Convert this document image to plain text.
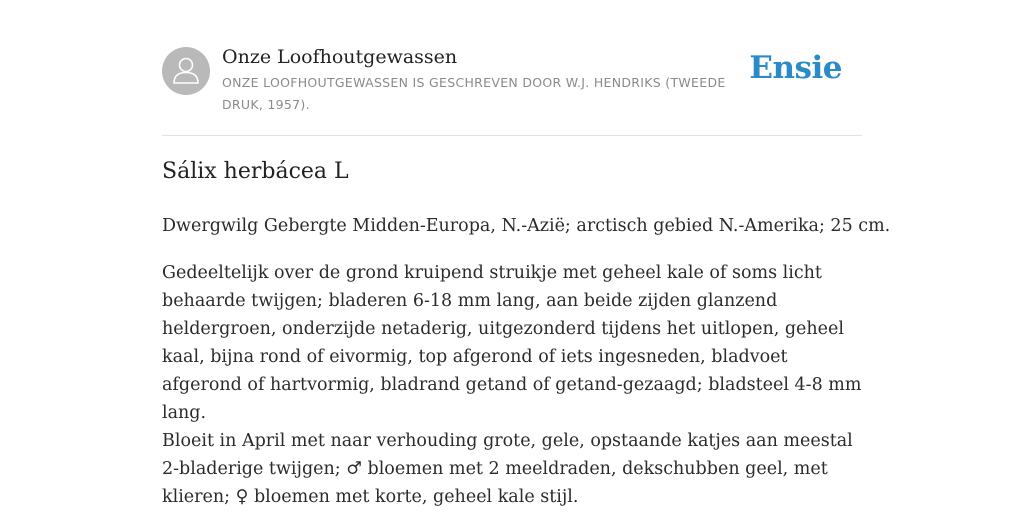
Onze Loofhoutgewassen
ONZE LOOFHOUTGEWASSEN IS GESCHREVEN DOOR W.J. HENDRIKS (TWEEDE DRUK, 1957).
Ensie
Sálix herbácea L

Dwergwilg Gebergte Midden-Europa, N.-Azië; arctisch gebied N.-Amerika; 25 cm.

Gedeeltelijk over de grond kruipend struikje met geheel kale of soms licht behaarde twijgen; bladeren 6-18 mm lang, aan beide zijden glanzend heldergroen, onderzijde netaderig, uitgezonderd tijdens het uitlopen, geheel kaal, bijna rond of eivormig, top afgerond of iets ingesneden, bladvoet afgerond of hartvormig, bladrand getand of getand-gezaagd; bladsteel 4-8 mm lang.

Bloeit in April met naar verhouding grote, gele, opstaande katjes aan meestal 2-bladerige twijgen; ♂ bloemen met 2 meeldraden, dekschubben geel, met klieren; ♀ bloemen met korte, geheel kale stijl.
